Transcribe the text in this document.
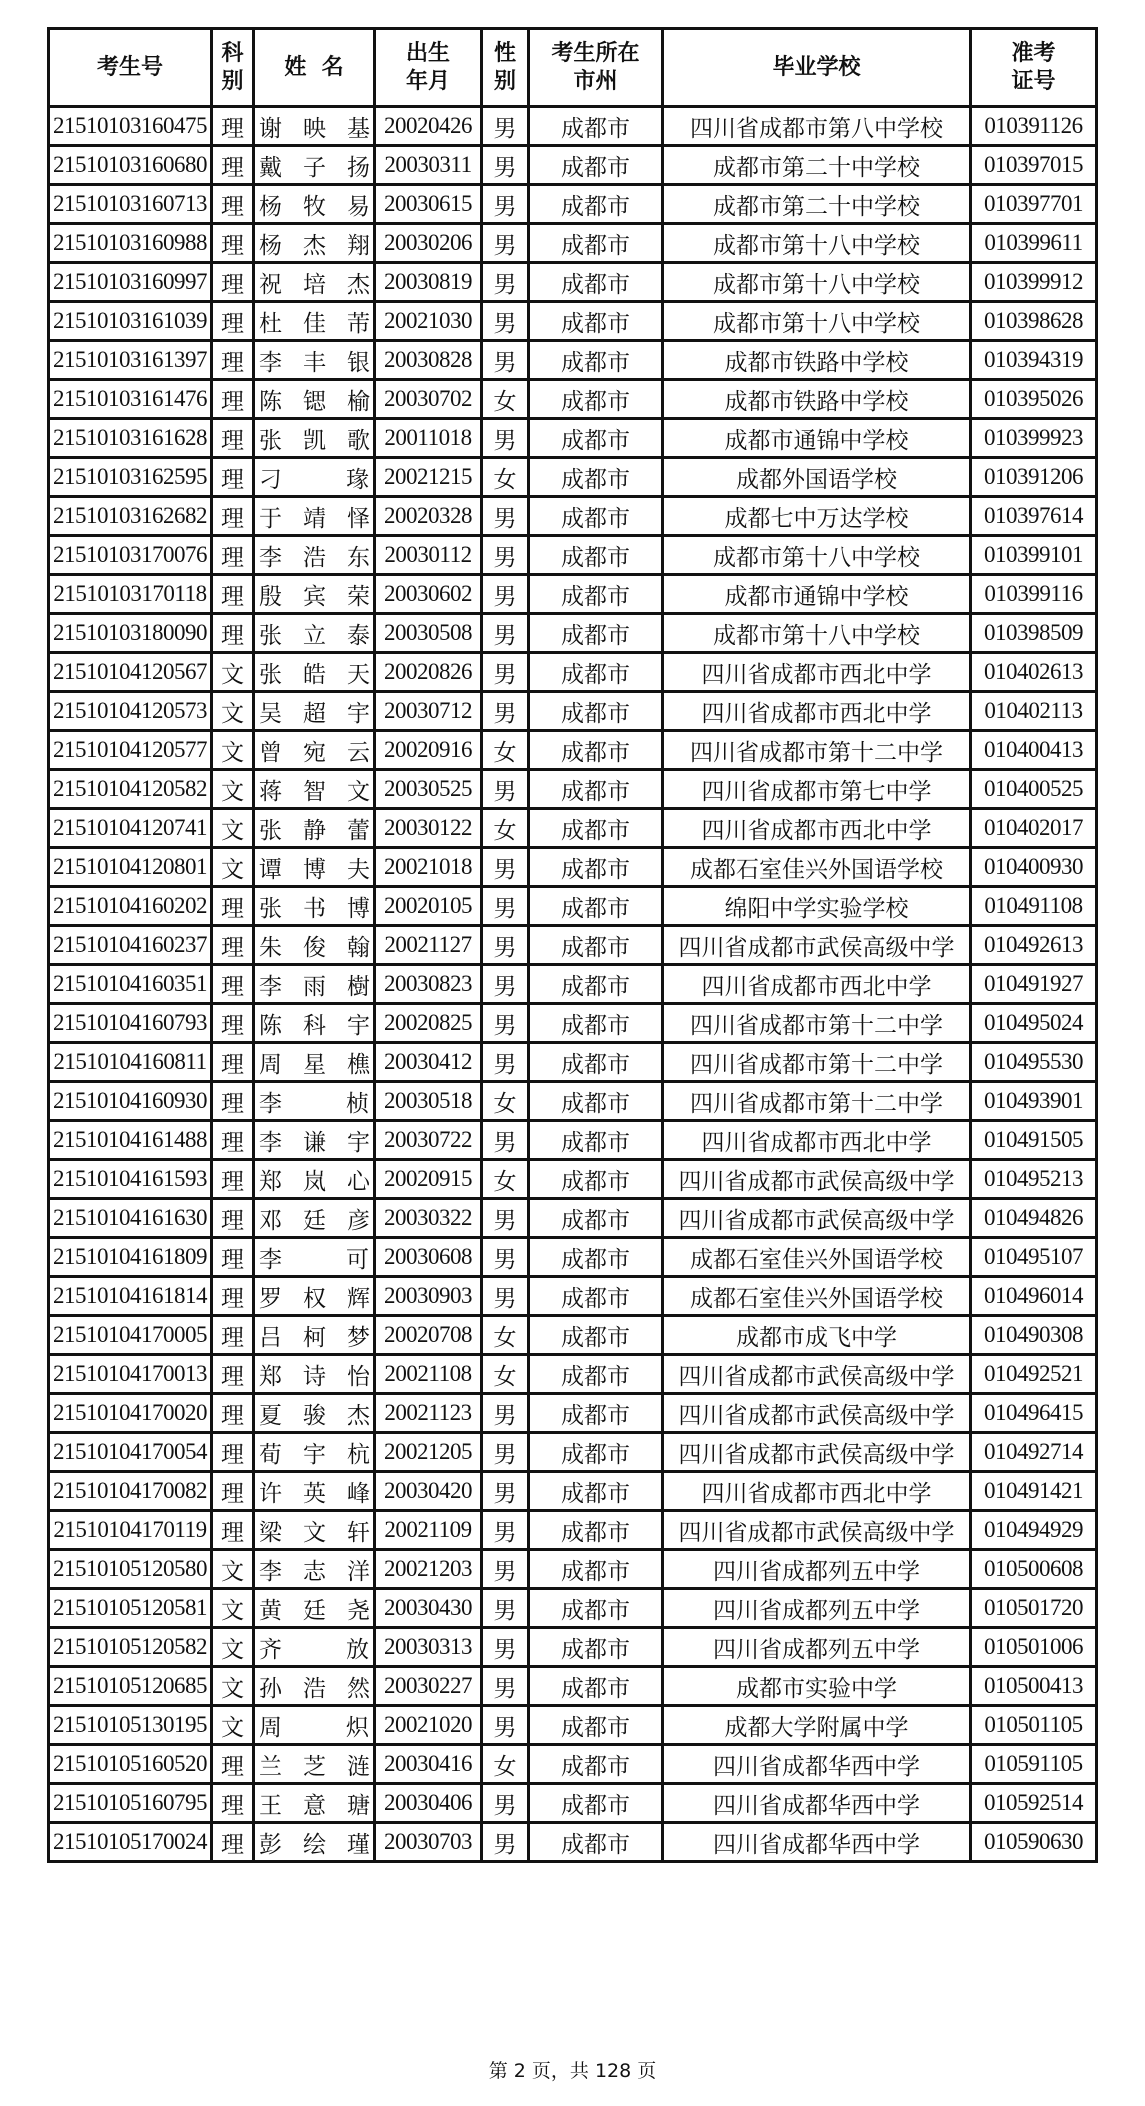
考生号	科别	姓  名	出生年月	性别	考生所在市州	毕业学校	准考证号
21510103160475	理	谢映基	20020426	男	成都市	四川省成都市第八中学校	010391126
21510103160680	理	戴子扬	20030311	男	成都市	成都市第二十中学校	010397015
21510103160713	理	杨牧易	20030615	男	成都市	成都市第二十中学校	010397701
21510103160988	理	杨杰翔	20030206	男	成都市	成都市第十八中学校	010399611
21510103160997	理	祝培杰	20030819	男	成都市	成都市第十八中学校	010399912
21510103161039	理	杜佳芾	20021030	男	成都市	成都市第十八中学校	010398628
21510103161397	理	李丰银	20030828	男	成都市	成都市铁路中学校	010394319
21510103161476	理	陈锶榆	20030702	女	成都市	成都市铁路中学校	010395026
21510103161628	理	张凯歌	20011018	男	成都市	成都市通锦中学校	010399923
21510103162595	理	刁 瑑	20021215	女	成都市	成都外国语学校	010391206
21510103162682	理	于靖怿	20020328	男	成都市	成都七中万达学校	010397614
21510103170076	理	李浩东	20030112	男	成都市	成都市第十八中学校	010399101
21510103170118	理	殷宾荣	20030602	男	成都市	成都市通锦中学校	010399116
21510103180090	理	张立泰	20030508	男	成都市	成都市第十八中学校	010398509
21510104120567	文	张皓天	20020826	男	成都市	四川省成都市西北中学	010402613
21510104120573	文	吴超宇	20030712	男	成都市	四川省成都市西北中学	010402113
21510104120577	文	曾宛云	20020916	女	成都市	四川省成都市第十二中学	010400413
21510104120582	文	蒋智文	20030525	男	成都市	四川省成都市第七中学	010400525
21510104120741	文	张静蕾	20030122	女	成都市	四川省成都市西北中学	010402017
21510104120801	文	谭博夫	20021018	男	成都市	成都石室佳兴外国语学校	010400930
21510104160202	理	张书博	20020105	男	成都市	绵阳中学实验学校	010491108
21510104160237	理	朱俊翰	20021127	男	成都市	四川省成都市武侯高级中学	010492613
21510104160351	理	李雨樹	20030823	男	成都市	四川省成都市西北中学	010491927
21510104160793	理	陈科宇	20020825	男	成都市	四川省成都市第十二中学	010495024
21510104160811	理	周星樵	20030412	男	成都市	四川省成都市第十二中学	010495530
21510104160930	理	李 桢	20030518	女	成都市	四川省成都市第十二中学	010493901
21510104161488	理	李谦宇	20030722	男	成都市	四川省成都市西北中学	010491505
21510104161593	理	郑岚心	20020915	女	成都市	四川省成都市武侯高级中学	010495213
21510104161630	理	邓廷彦	20030322	男	成都市	四川省成都市武侯高级中学	010494826
21510104161809	理	李 可	20030608	男	成都市	成都石室佳兴外国语学校	010495107
21510104161814	理	罗权辉	20030903	男	成都市	成都石室佳兴外国语学校	010496014
21510104170005	理	吕柯梦	20020708	女	成都市	成都市成飞中学	010490308
21510104170013	理	郑诗怡	20021108	女	成都市	四川省成都市武侯高级中学	010492521
21510104170020	理	夏骏杰	20021123	男	成都市	四川省成都市武侯高级中学	010496415
21510104170054	理	荀宇杭	20021205	男	成都市	四川省成都市武侯高级中学	010492714
21510104170082	理	许英峰	20030420	男	成都市	四川省成都市西北中学	010491421
21510104170119	理	梁文轩	20021109	男	成都市	四川省成都市武侯高级中学	010494929
21510105120580	文	李志洋	20021203	男	成都市	四川省成都列五中学	010500608
21510105120581	文	黄廷尧	20030430	男	成都市	四川省成都列五中学	010501720
21510105120582	文	齐 放	20030313	男	成都市	四川省成都列五中学	010501006
21510105120685	文	孙浩然	20030227	男	成都市	成都市实验中学	010500413
21510105130195	文	周 炽	20021020	男	成都市	成都大学附属中学	010501105
21510105160520	理	兰芝涟	20030416	女	成都市	四川省成都华西中学	010591105
21510105160795	理	王意瑭	20030406	男	成都市	四川省成都华西中学	010592514
21510105170024	理	彭绘瑾	20030703	男	成都市	四川省成都华西中学	010590630
第 2 页，共 128 页
